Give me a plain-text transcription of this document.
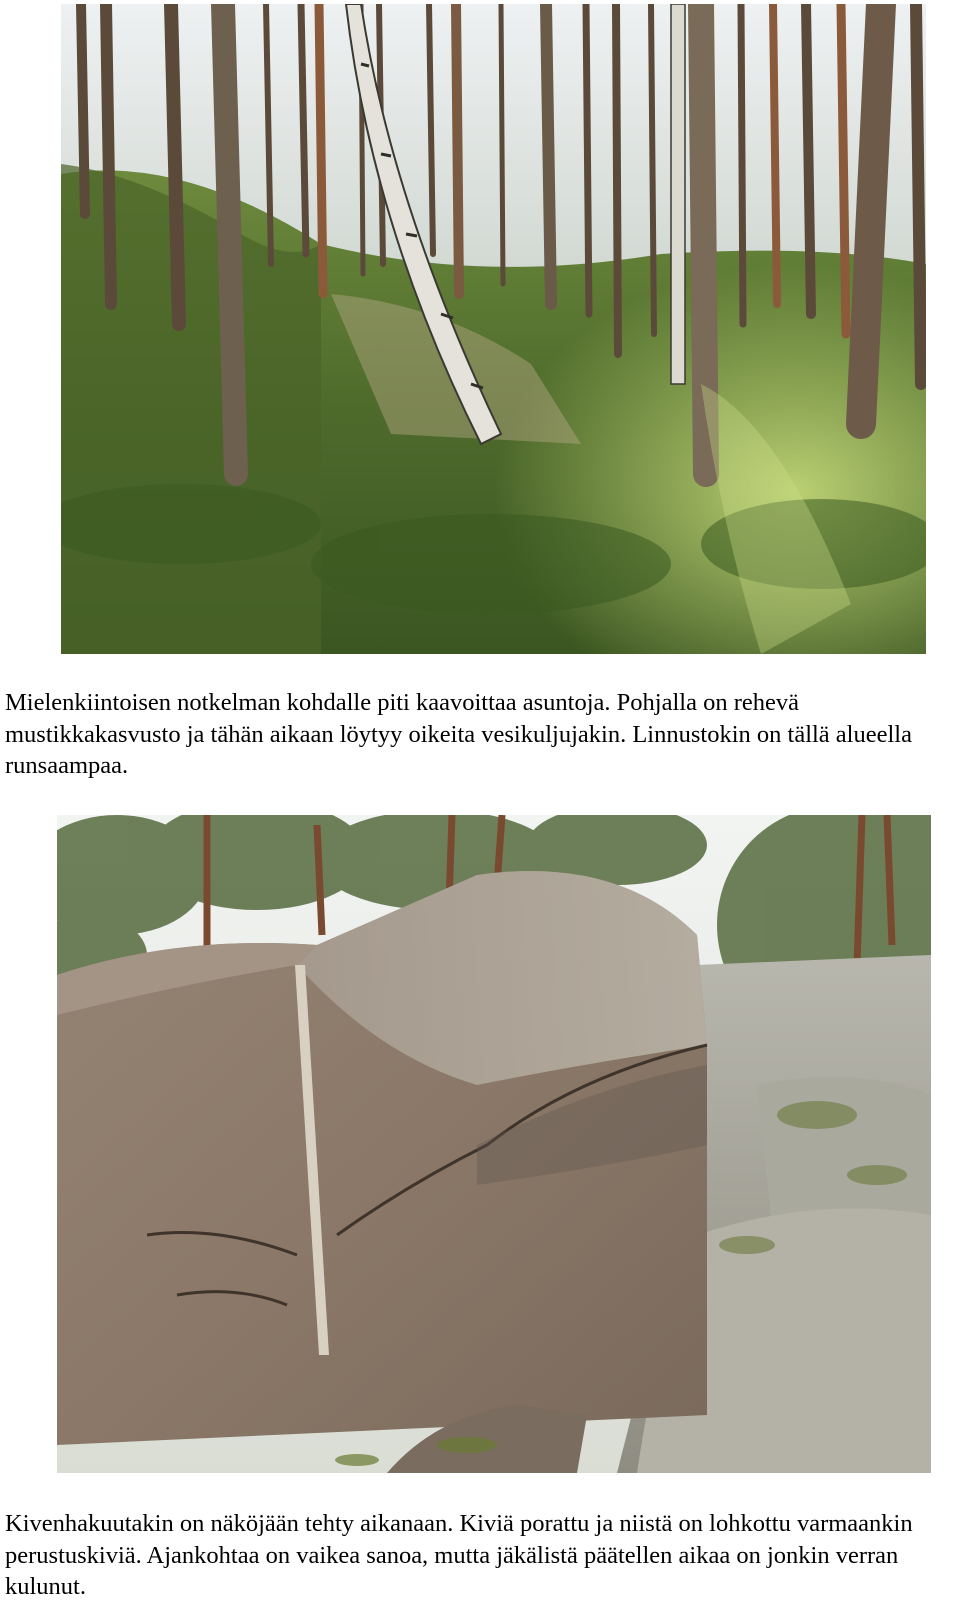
Mielenkiintoisen notkelman kohdalle piti kaavoittaa asuntoja. Pohjalla on rehevä mustikkakasvusto ja tähän aikaan löytyy oikeita vesikuljujakin. Linnustokin on tällä alueella runsaampaa.

Kivenhakuutakin on näköjään tehty aikanaan. Kiviä porattu ja niistä on lohkottu varmaankin perustuskiviä. Ajankohtaa on vaikea sanoa, mutta jäkälistä päätellen aikaa on jonkin verran kulunut.
